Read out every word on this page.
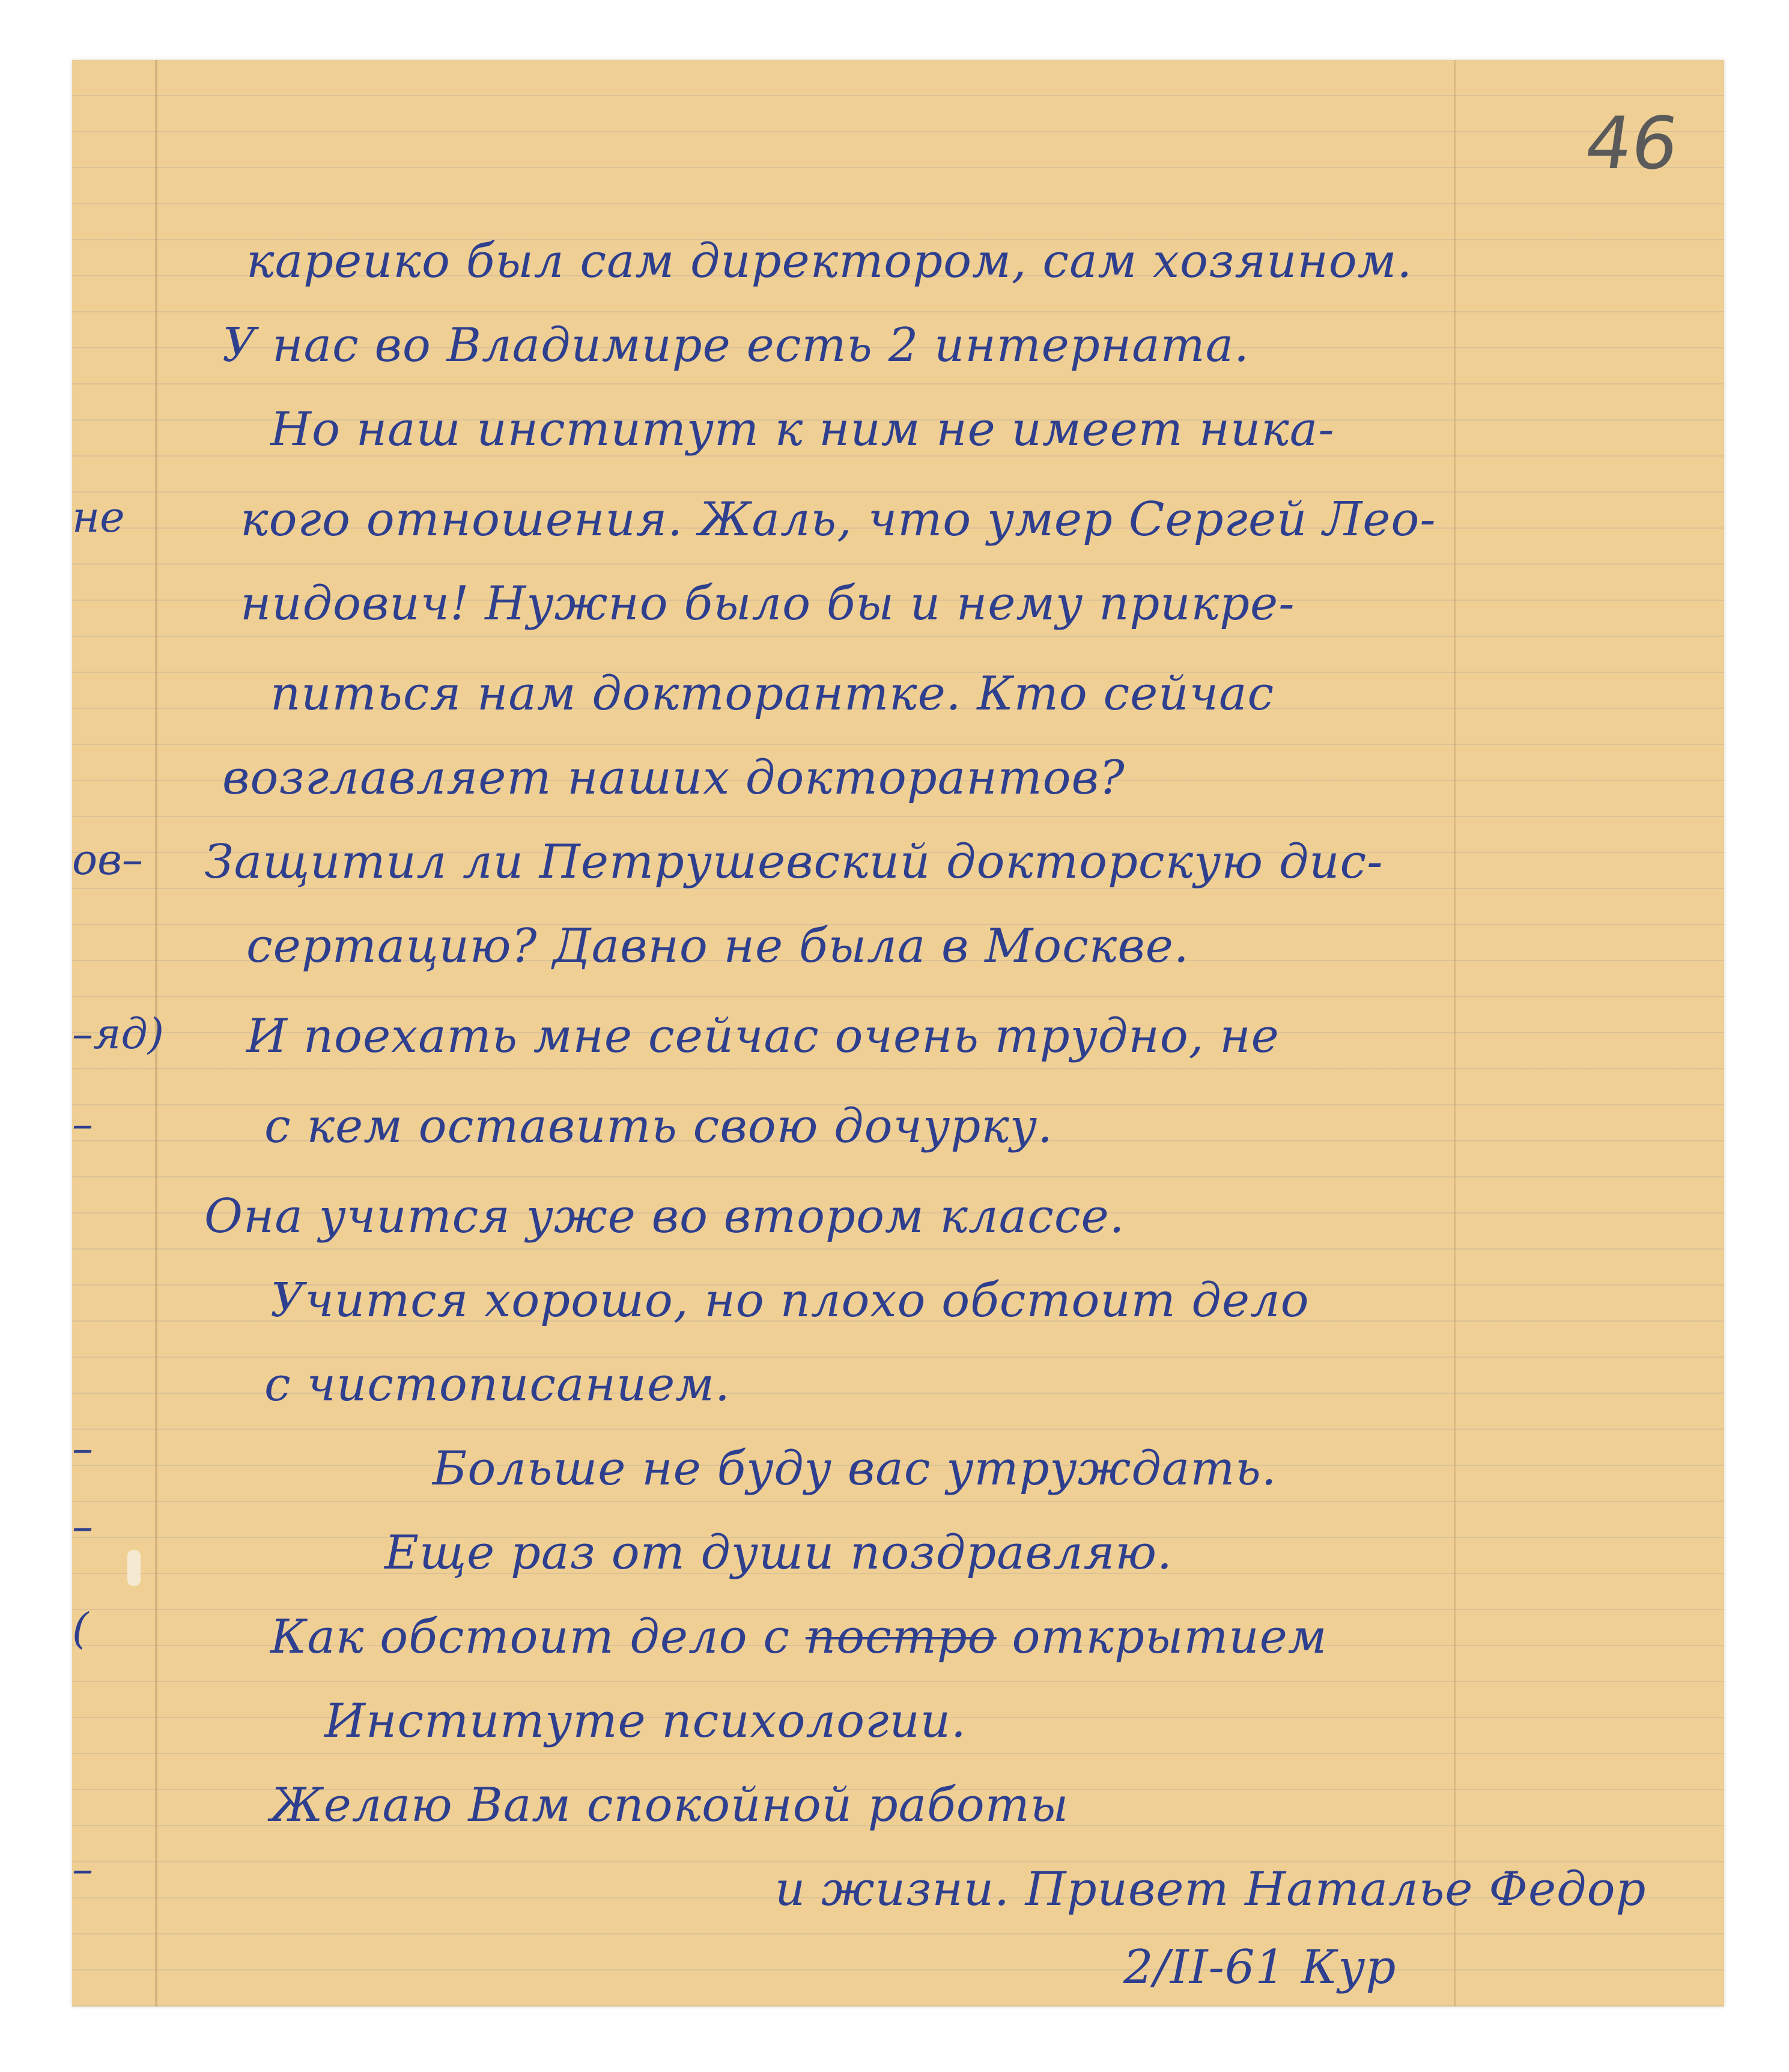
46
не
ов–
–яд)
–
–
–
(
–
кареико был сам директором, сам хозяином.
У нас во Владимире есть 2 интерната.
Но наш институт к ним не имеет ника-
кого отношения. Жаль, что умер Сергей Лео-
нидович! Нужно было бы и нему прикре-
питься нам докторантке. Кто сейчас
возглавляет наших докторантов?
Защитил ли Петрушевский докторскую дис-
сертацию? Давно не была в Москве.
И поехать мне сейчас очень трудно, не
с кем оставить свою дочурку.
Она учится уже во втором классе.
Учится хорошо, но плохо обстоит дело
с чистописанием.
Больше не буду вас утруждать.
Еще раз от души поздравляю.
Как обстоит дело с постро открытием
Институте психологии.
Желаю Вам спокойной работы
и жизни. Привет Наталье Федор
2/II-61 Кур
